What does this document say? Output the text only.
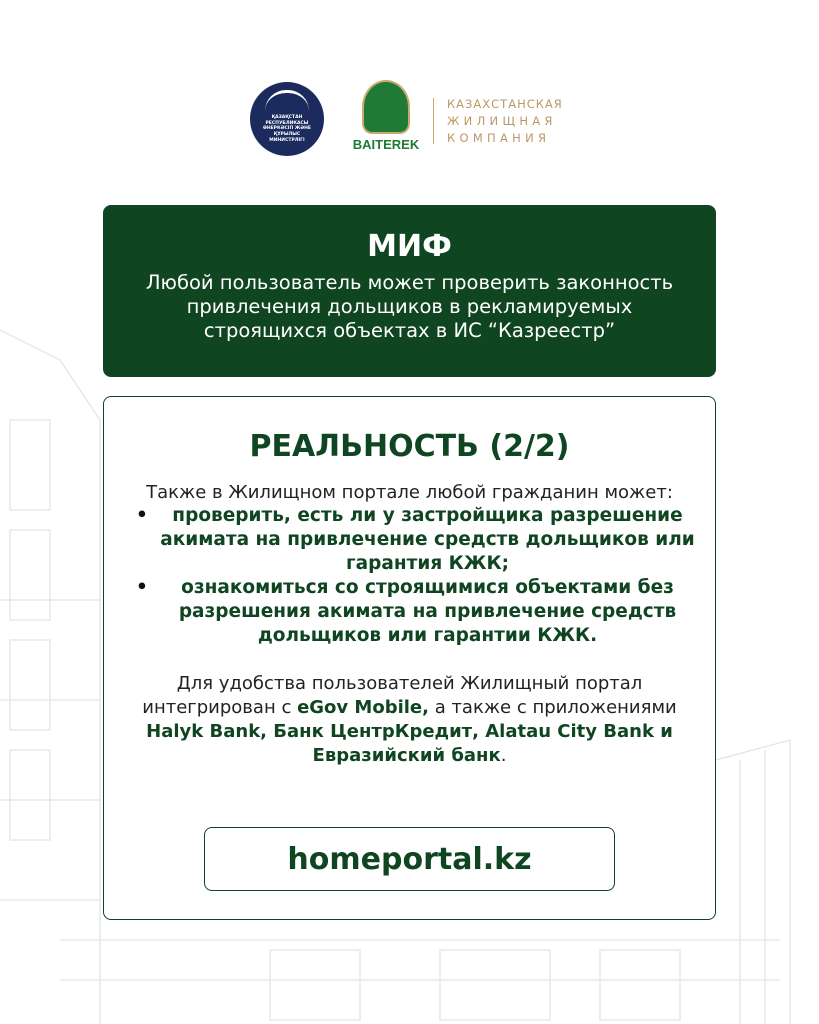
ҚАЗАҚСТАН РЕСПУБЛИКАСЫ
ӨНЕРКӘСІП ЖӘНЕ ҚҰРЫЛЫС
МИНИСТРЛІГІ	BAITEREK
КАЗАХСТАНСКАЯ
ЖИЛИЩНАЯ
КОМПАНИЯ
МИФ

Любой пользователь может проверить законность привлечения дольщиков в рекламируемых строящихся объектах в ИС “Казреестр”

РЕАЛЬНОСТЬ (2/2)
Также в Жилищном портале любой гражданин может:
• проверить, есть ли у застройщика разрешение акимата на привлечение средств дольщиков или гарантия КЖК;
• ознакомиться со строящимися объектами без разрешения акимата на привлечение средств дольщиков или гарантии КЖК.
Для удобства пользователей Жилищный портал интегрирован с eGov Mobile, а также с приложениями Halyk Bank, Банк ЦентрКредит, Alatau City Bank и Евразийский банк.
homeportal.kz
